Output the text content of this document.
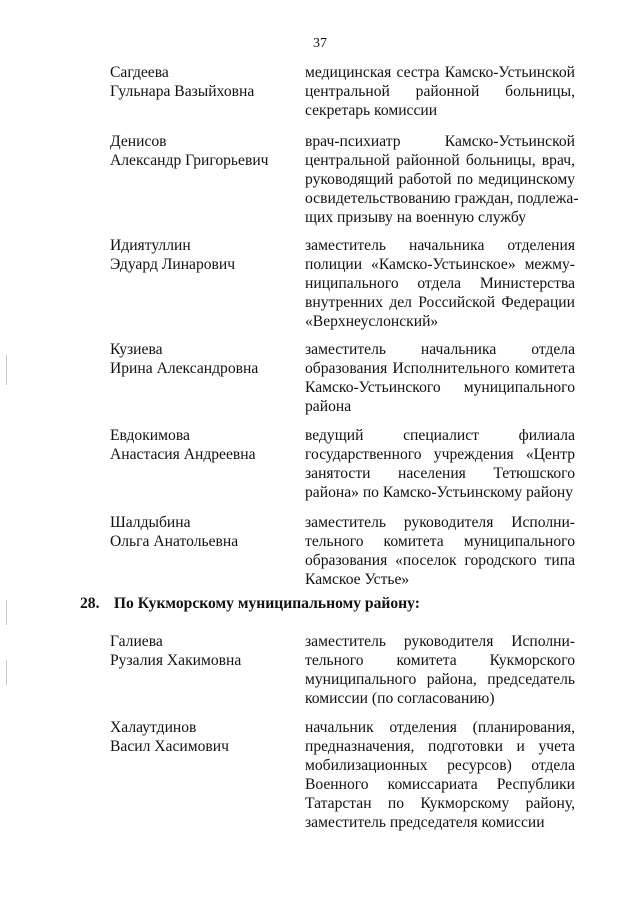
37
Сагдеева
Гульнара Вазыйховна
медицинская сестра Камско-Устьинской
центральной районной больницы,
секретарь комиссии
Денисов
Александр Григорьевич
врач-психиатр Камско-Устьинской
центральной районной больницы, врач,
руководящий работой по медицинскому
освидетельствованию граждан, подлежа-
щих призыву на военную службу
Идиятуллин
Эдуард Линарович
заместитель начальника отделения
полиции «Камско-Устьинское» межму-
ниципального отдела Министерства
внутренних дел Российской Федерации
«Верхнеуслонский»
Кузиева
Ирина Александровна
заместитель начальника отдела
образования Исполнительного комитета
Камско-Устьинского муниципального
района
Евдокимова
Анастасия Андреевна
ведущий специалист филиала
государственного учреждения «Центр
занятости населения Тетюшского
района» по Камско-Устьинскому району
Шалдыбина
Ольга Анатольевна
заместитель руководителя Исполни-
тельного комитета муниципального
образования «поселок городского типа
Камское Устье»
28. По Кукморскому муниципальному району:
Галиева
Рузалия Хакимовна
заместитель руководителя Исполни-
тельного комитета Кукморского
муниципального района, председатель
комиссии (по согласованию)
Халаутдинов
Васил Хасимович
начальник отделения (планирования,
предназначения, подготовки и учета
мобилизационных ресурсов) отдела
Военного комиссариата Республики
Татарстан по Кукморскому району,
заместитель председателя комиссии
